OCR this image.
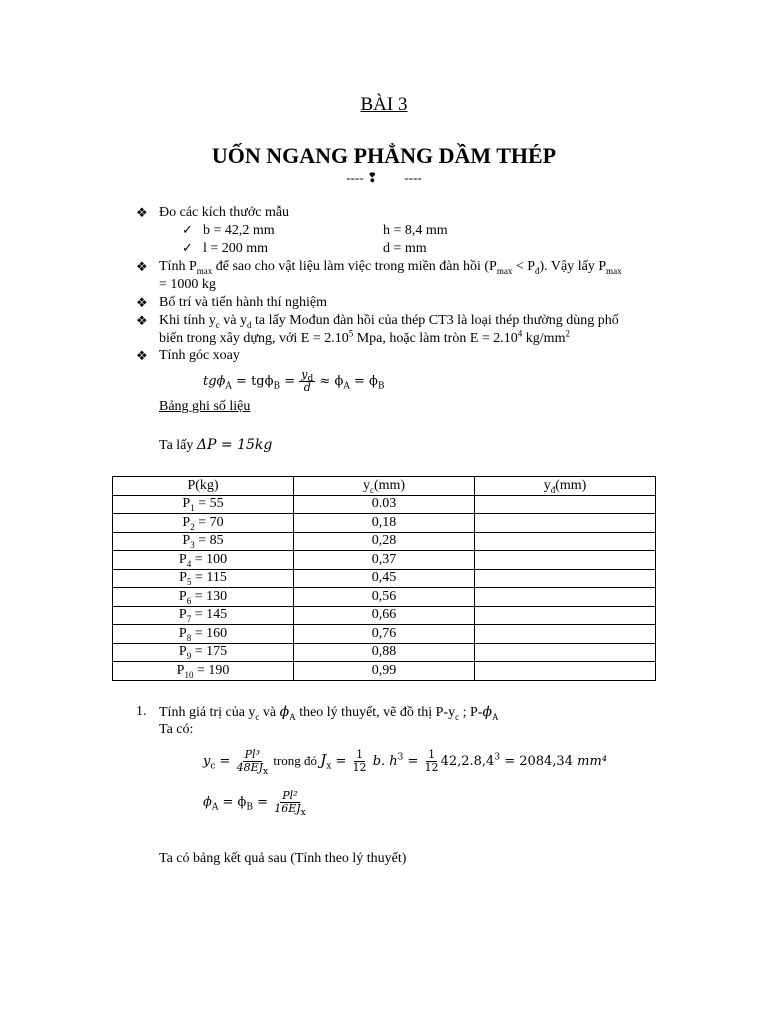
BÀI 3
UỐN NGANG PHẲNG DẦM THÉP
---- ❢ ⃞ ⃞----
❖ Đo các kích thước mẫu
✓ b = 42,2 mm	h = 8,4 mm
✓ l = 200 mm	d = mm
❖ Tính $P_{max}$ để sao cho vật liệu làm việc trong miền đàn hồi $(P_{max} < P_đ)$. Vậy lấy $P_{max}$
= 1000 kg
❖ Bố trí và tiến hành thí nghiệm
❖ Khi tính $y_c$ và $y_d$ ta lấy Mođun đàn hồi của thép CT3 là loại thép thường dùng phố
biến trong xây dựng, với $E = 2.10^5$ Mpa, hoặc làm tròn $E = 2.10^4$ $kg/mm^2$
❖ Tính góc xoay
$tg\phi_A = tg\phi_B = \frac{y_d}{d} \approx \phi_A = \phi_B$
Bảng ghi số liệu
Ta lấy ΔP = 15kg
P(kg)	$y_c(mm)$	$y_đ(mm)$
$P_1 = 55$	0.03	
$P_2 = 70$	0,18	
$P_3 = 85$	0,28	
$P_4 = 100$	0,37	
$P_5 = 115$	0,45	
$P_6 = 130$	0,56	
$P_7 = 145$	0,66	
$P_8 = 160$	0,76	
$P_9 = 175$	0,88	
$P_{10} = 190$	0,99	
1. Tính giá trị của $y_c$ và $\phi_A$ theo lý thuyết, vẽ đồ thị $P-y_c$ ; $P-\phi_A$
Ta có:
$y_c = \frac{\text{Pl³}}{48EJ_x}$ trong đó $J_x = \frac{1}{12} b$. $h^3 = \frac{1}{12} 42,2.8,4^3 = 2084,34$ mm⁴
$\phi_A = \phi_B = \frac{\text{Pl²}}{16EJ_x}$
Ta có bảng kết quả sau (Tính theo lý thuyết)
